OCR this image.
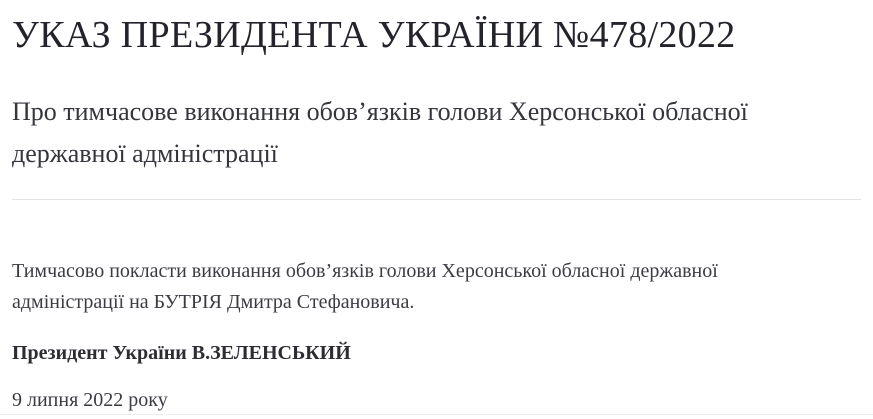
УКАЗ ПРЕЗИДЕНТА УКРАЇНИ №478/2022
Про тимчасове виконання обов’язків голови Херсонської обласної
державної адміністрації
Тимчасово покласти виконання обов’язків голови Херсонської обласної державної
адміністрації на БУТРІЯ Дмитра Стефановича.
Президент України В.ЗЕЛЕНСЬКИЙ
9 липня 2022 року
